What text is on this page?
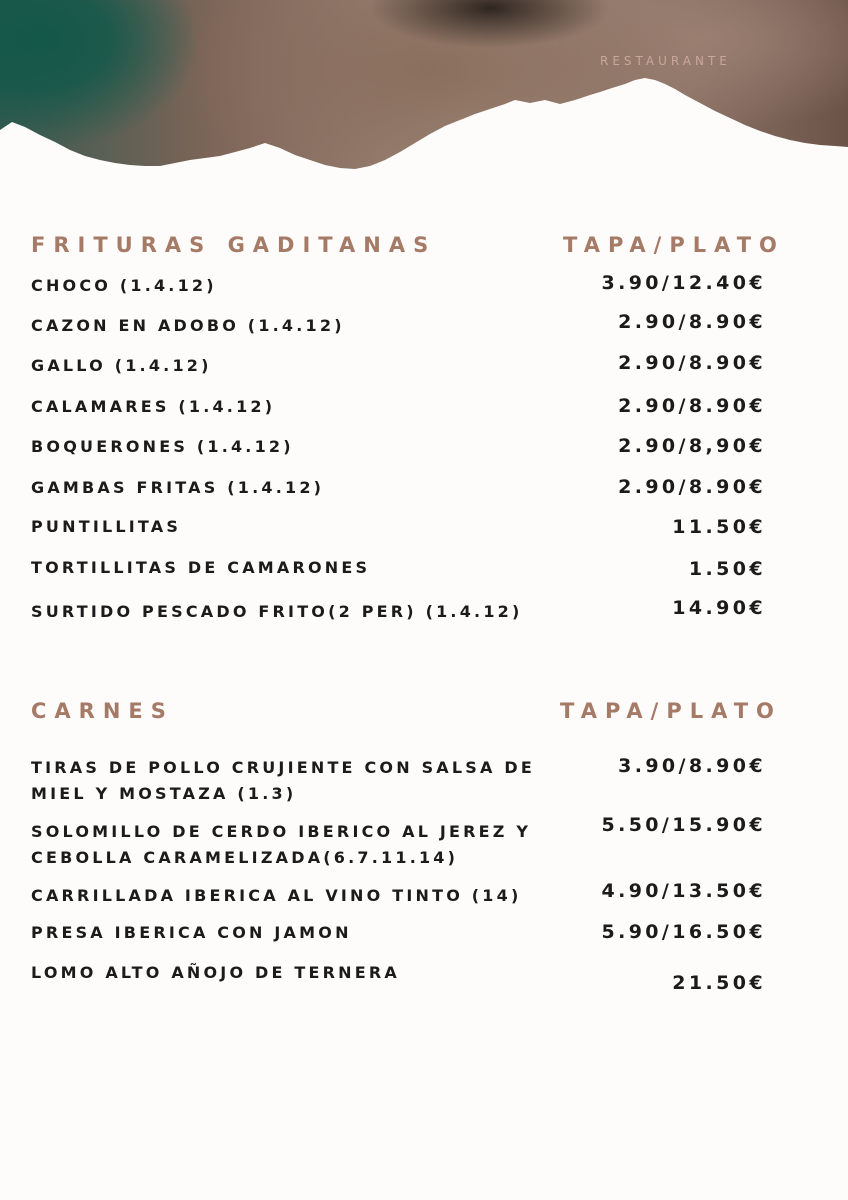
RESTAURANTE
FRITURAS GADITANAS	TAPA/PLATO
CHOCO (1.4.12)	3.90/12.40€
CAZON EN ADOBO (1.4.12)	2.90/8.90€
GALLO (1.4.12)	2.90/8.90€
CALAMARES (1.4.12)	2.90/8.90€
BOQUERONES (1.4.12)	2.90/8,90€
GAMBAS FRITAS (1.4.12)	2.90/8.90€
PUNTILLITAS	11.50€
TORTILLITAS DE CAMARONES	1.50€
SURTIDO PESCADO FRITO(2 PER) (1.4.12)	14.90€
CARNES	TAPA/PLATO
TIRAS DE POLLO CRUJIENTE CON SALSA DE
MIEL Y MOSTAZA (1.3)
3.90/8.90€
SOLOMILLO DE CERDO IBERICO AL JEREZ Y
CEBOLLA CARAMELIZADA(6.7.11.14)
5.50/15.90€
CARRILLADA IBERICA AL VINO TINTO (14)	4.90/13.50€
PRESA IBERICA CON JAMON	5.90/16.50€
LOMO ALTO AÑOJO DE TERNERA	21.50€
